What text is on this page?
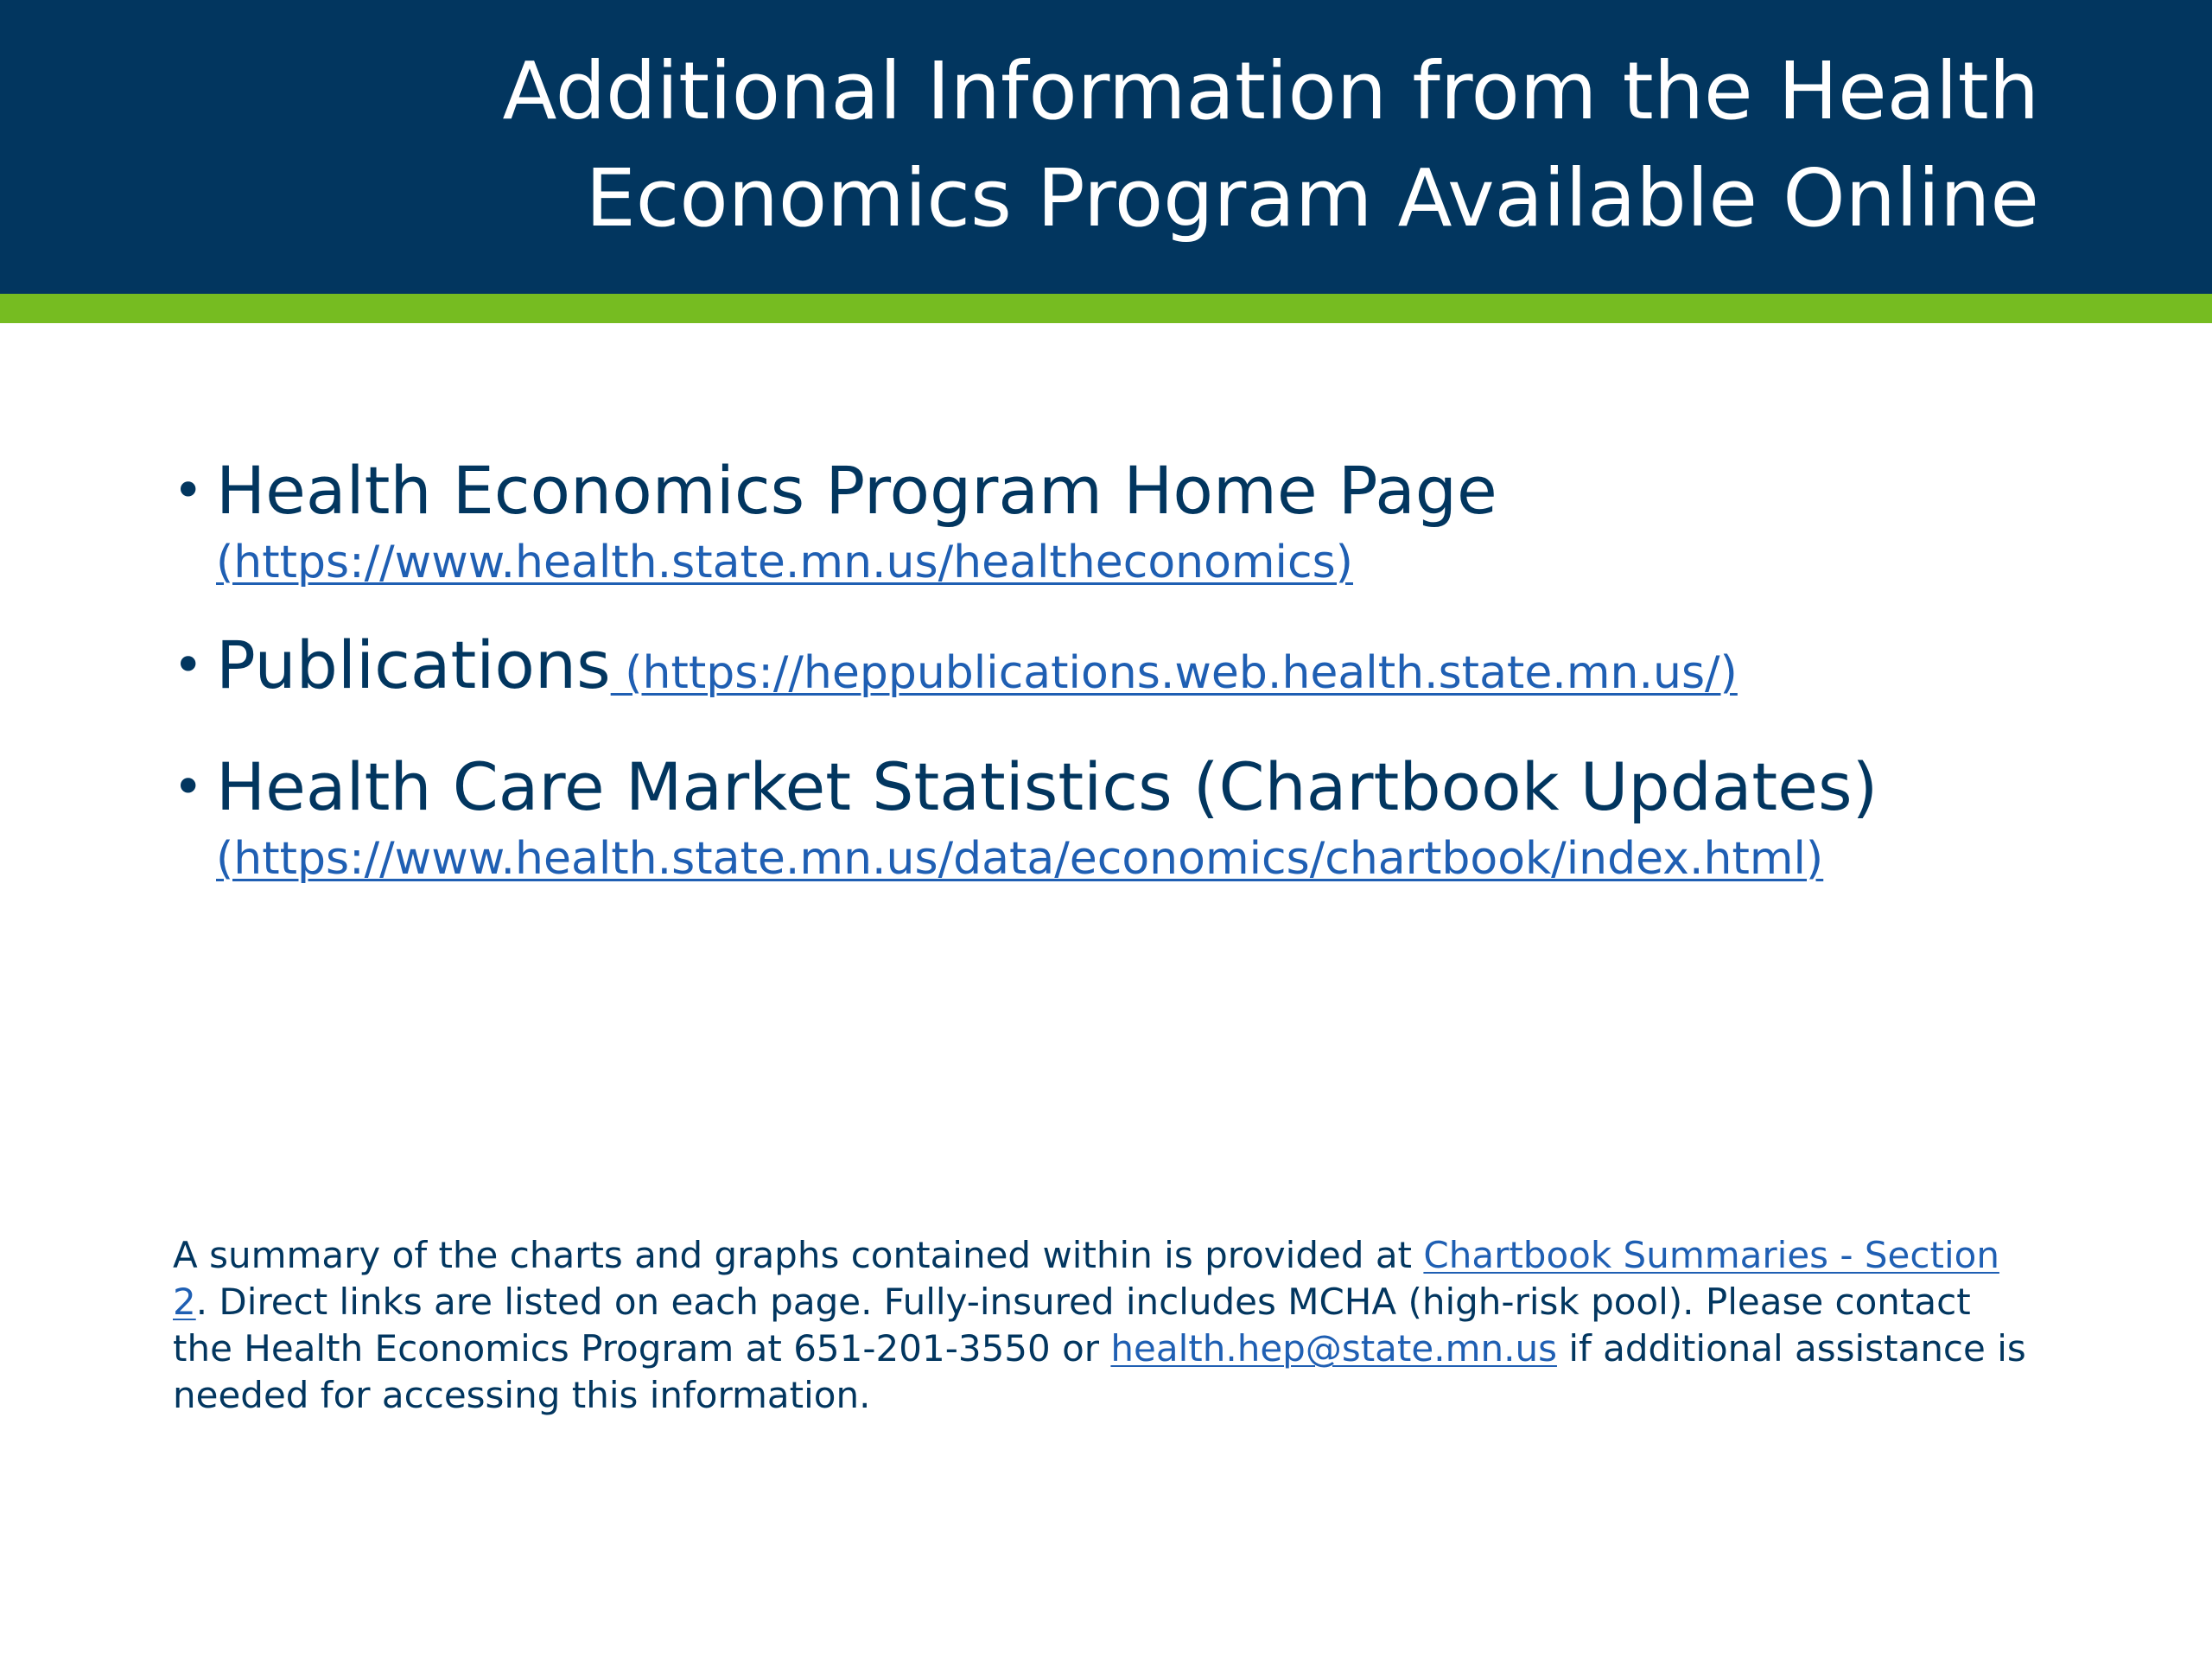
Additional Information from the Health
Economics Program Available Online
• Health Economics Program Home Page
(https://www.health.state.mn.us/healtheconomics)
• Publications (https://heppublications.web.health.state.mn.us/)
• Health Care Market Statistics (Chartbook Updates)
(https://www.health.state.mn.us/data/economics/chartbook/index.html)

A summary of the charts and graphs contained within is provided at Chartbook Summaries - Section 2. Direct links are listed on each page. Fully-insured includes MCHA (high-risk pool). Please contact the Health Economics Program at 651-201-3550 or health.hep@state.mn.us if additional assistance is needed for accessing this information.
